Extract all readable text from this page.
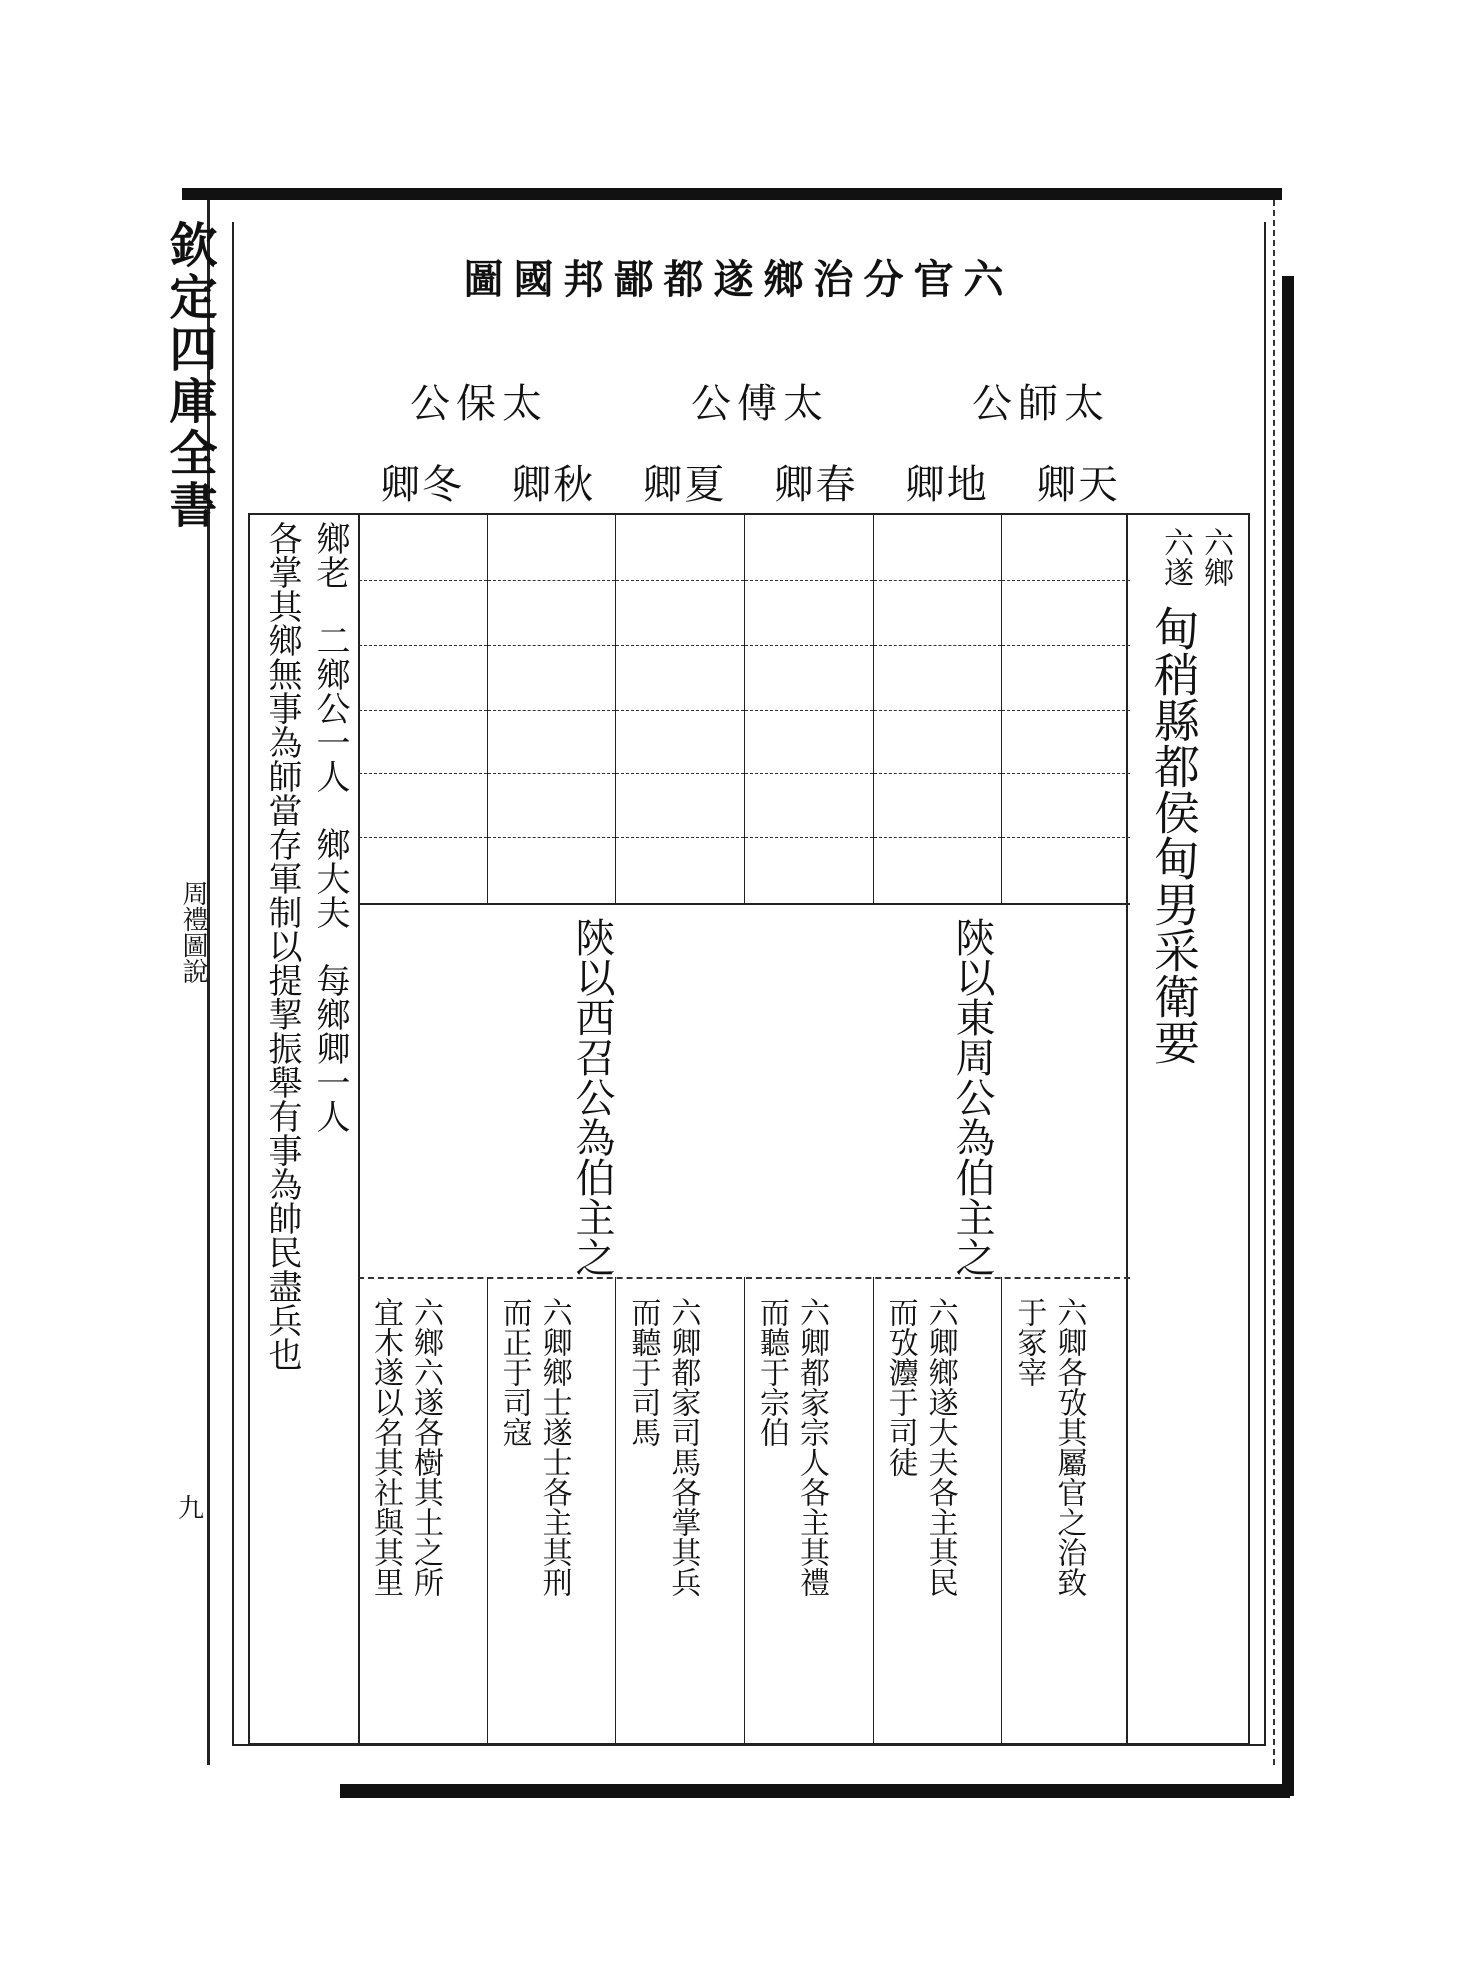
欽定四庫全書
周禮圖說
九
六官分治鄉遂都鄙邦國圖
太師公
太傅公
太保公
天卿
地卿
春卿
夏卿
秋卿
冬卿
六鄉
六遂
甸稍縣都侯甸男采衛要
鄉老　二鄉公一人　鄉大夫　每鄉卿一人
各掌其鄉無事為師當存軍制以提挈振舉有事為帥民盡兵也	陝以東周公為伯主之
陝以西召公為伯主之
六卿各攷其屬官之治致
于冢宰
六卿鄉遂大夫各主其民
而攷灋于司徒
六卿都家宗人各主其禮
而聽于宗伯
六卿都家司馬各掌其兵
而聽于司馬
六卿鄉士遂士各主其刑
而正于司寇
六鄉六遂各樹其土之所
宜木遂以名其社與其里
